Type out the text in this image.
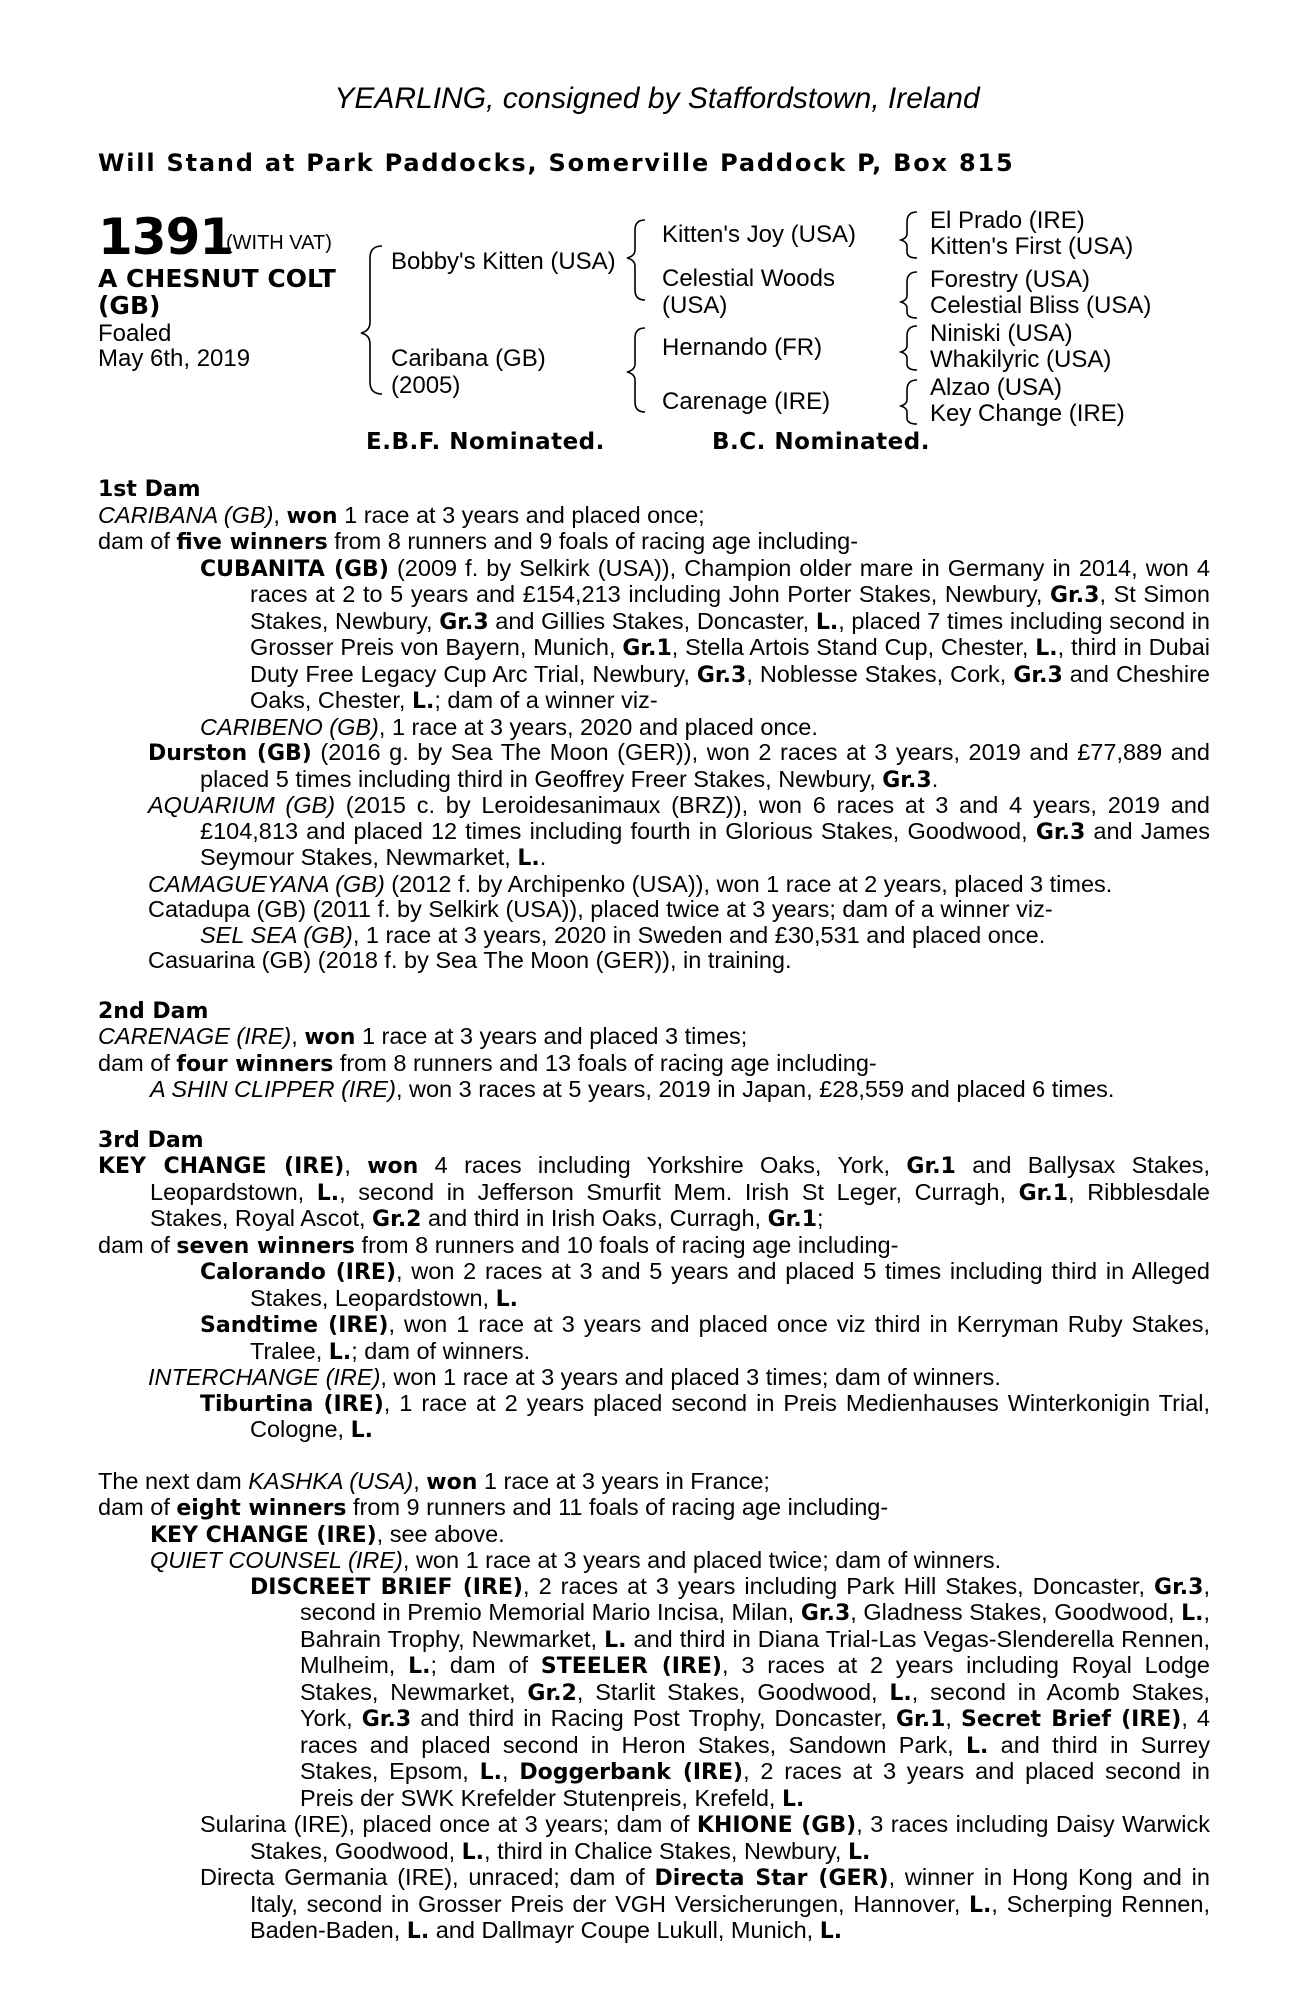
YEARLING, consigned by Staffordstown, Ireland
Will Stand at Park Paddocks, Somerville Paddock P, Box 815
1391
(WITH VAT)
A CHESNUT COLT
(GB)
Foaled
May 6th, 2019
Bobby's Kitten (USA)
Caribana (GB)
(2005)
Kitten's Joy (USA)
Celestial Woods
(USA)
Hernando (FR)
Carenage (IRE)
El Prado (IRE)
Kitten's First (USA)
Forestry (USA)
Celestial Bliss (USA)
Niniski (USA)
Whakilyric (USA)
Alzao (USA)
Key Change (IRE)
E.B.F. Nominated.	B.C. Nominated.
1st Dam
CARIBANA (GB), won 1 race at 3 years and placed once;
dam of five winners from 8 runners and 9 foals of racing age including-
CUBANITA (GB) (2009 f. by Selkirk (USA)), Champion older mare in Germany in 2014, won 4 races at 2 to 5 years and £154,213 including John Porter Stakes, Newbury, Gr.3, St Simon Stakes, Newbury, Gr.3 and Gillies Stakes, Doncaster, L., placed 7 times including second in Grosser Preis von Bayern, Munich, Gr.1, Stella Artois Stand Cup, Chester, L., third in Dubai Duty Free Legacy Cup Arc Trial, Newbury, Gr.3, Noblesse Stakes, Cork, Gr.3 and Cheshire Oaks, Chester, L.; dam of a winner viz-
CARIBENO (GB), 1 race at 3 years, 2020 and placed once.
Durston (GB) (2016 g. by Sea The Moon (GER)), won 2 races at 3 years, 2019 and £77,889 and placed 5 times including third in Geoffrey Freer Stakes, Newbury, Gr.3.
AQUARIUM (GB) (2015 c. by Leroidesanimaux (BRZ)), won 6 races at 3 and 4 years, 2019 and £104,813 and placed 12 times including fourth in Glorious Stakes, Goodwood, Gr.3 and James Seymour Stakes, Newmarket, L..
CAMAGUEYANA (GB) (2012 f. by Archipenko (USA)), won 1 race at 2 years, placed 3 times.
Catadupa (GB) (2011 f. by Selkirk (USA)), placed twice at 3 years; dam of a winner viz-
SEL SEA (GB), 1 race at 3 years, 2020 in Sweden and £30,531 and placed once.
Casuarina (GB) (2018 f. by Sea The Moon (GER)), in training.
2nd Dam
CARENAGE (IRE), won 1 race at 3 years and placed 3 times;
dam of four winners from 8 runners and 13 foals of racing age including-
A SHIN CLIPPER (IRE), won 3 races at 5 years, 2019 in Japan, £28,559 and placed 6 times.
3rd Dam
KEY CHANGE (IRE), won 4 races including Yorkshire Oaks, York, Gr.1 and Ballysax Stakes, Leopardstown, L., second in Jefferson Smurfit Mem. Irish St Leger, Curragh, Gr.1, Ribblesdale Stakes, Royal Ascot, Gr.2 and third in Irish Oaks, Curragh, Gr.1;
dam of seven winners from 8 runners and 10 foals of racing age including-
Calorando (IRE), won 2 races at 3 and 5 years and placed 5 times including third in Alleged Stakes, Leopardstown, L.
Sandtime (IRE), won 1 race at 3 years and placed once viz third in Kerryman Ruby Stakes, Tralee, L.; dam of winners.
INTERCHANGE (IRE), won 1 race at 3 years and placed 3 times; dam of winners.
Tiburtina (IRE), 1 race at 2 years placed second in Preis Medienhauses Winterkonigin Trial, Cologne, L.
The next dam KASHKA (USA), won 1 race at 3 years in France;
dam of eight winners from 9 runners and 11 foals of racing age including-
KEY CHANGE (IRE), see above.
QUIET COUNSEL (IRE), won 1 race at 3 years and placed twice; dam of winners.
DISCREET BRIEF (IRE), 2 races at 3 years including Park Hill Stakes, Doncaster, Gr.3, second in Premio Memorial Mario Incisa, Milan, Gr.3, Gladness Stakes, Goodwood, L., Bahrain Trophy, Newmarket, L. and third in Diana Trial-Las Vegas-Slenderella Rennen, Mulheim, L.; dam of STEELER (IRE), 3 races at 2 years including Royal Lodge Stakes, Newmarket, Gr.2, Starlit Stakes, Goodwood, L., second in Acomb Stakes, York, Gr.3 and third in Racing Post Trophy, Doncaster, Gr.1, Secret Brief (IRE), 4 races and placed second in Heron Stakes, Sandown Park, L. and third in Surrey Stakes, Epsom, L., Doggerbank (IRE), 2 races at 3 years and placed second in Preis der SWK Krefelder Stutenpreis, Krefeld, L.
Sularina (IRE), placed once at 3 years; dam of KHIONE (GB), 3 races including Daisy Warwick Stakes, Goodwood, L., third in Chalice Stakes, Newbury, L.
Directa Germania (IRE), unraced; dam of Directa Star (GER), winner in Hong Kong and in Italy, second in Grosser Preis der VGH Versicherungen, Hannover, L., Scherping Rennen, Baden-Baden, L. and Dallmayr Coupe Lukull, Munich, L.
